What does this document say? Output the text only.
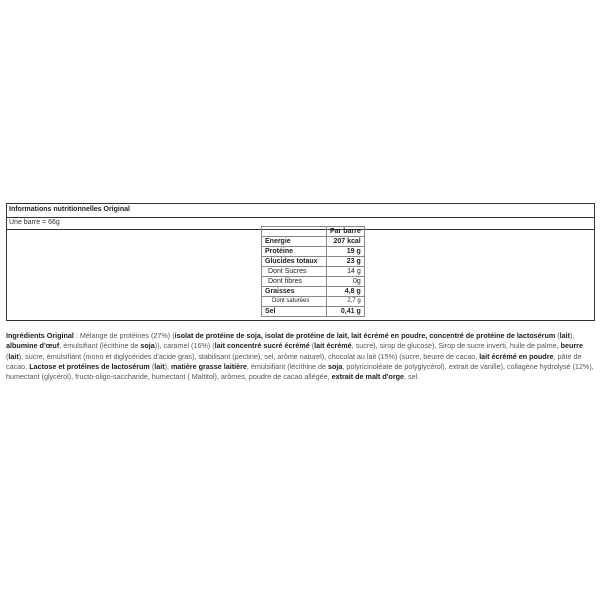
Informations nutritionnelles Original
Une barre = 66g
	Par barre
Energie	207 kcal
Protéine	19 g
Glucides totaux	23 g
Dont Sucres	14 g
Dont fibres	0g
Graisses	4,8 g
Dont saturées	2,7 g
Sel	0,41 g
Ingrédients Original : Mélange de protéines (27%) (isolat de protéine de soja, isolat de protéine de lait, lait écrémé en poudre, concentré de protéine de lactosérum (lait), albumine d'œuf, émulsifiant (lécithine de soja)), caramel (16%) (lait concentré sucré écrémé (lait écrémé, sucre), sirop de glucose), Sirop de sucre inverti, huile de palme, beurre (lait), sucre, émulsifiant (mono et diglycérides d'acide gras), stabilisant (pectine), sel, arôme naturel), chocolat au lait (15%) (sucre, beurre de cacao, lait écrémé en poudre, pâte de cacao, Lactose et protéines de lactosérum (lait), matière grasse laitière, émulsifiant (lécithine de soja, polyricinoléate de polyglycérol), extrait de vanille), collagène hydrolysé (12%), humectant (glycérol), fructo-oligo-saccharide, humectant ( Maltitol), arômes, poudre de cacao allégée, extrait de malt d'orge, sel.
